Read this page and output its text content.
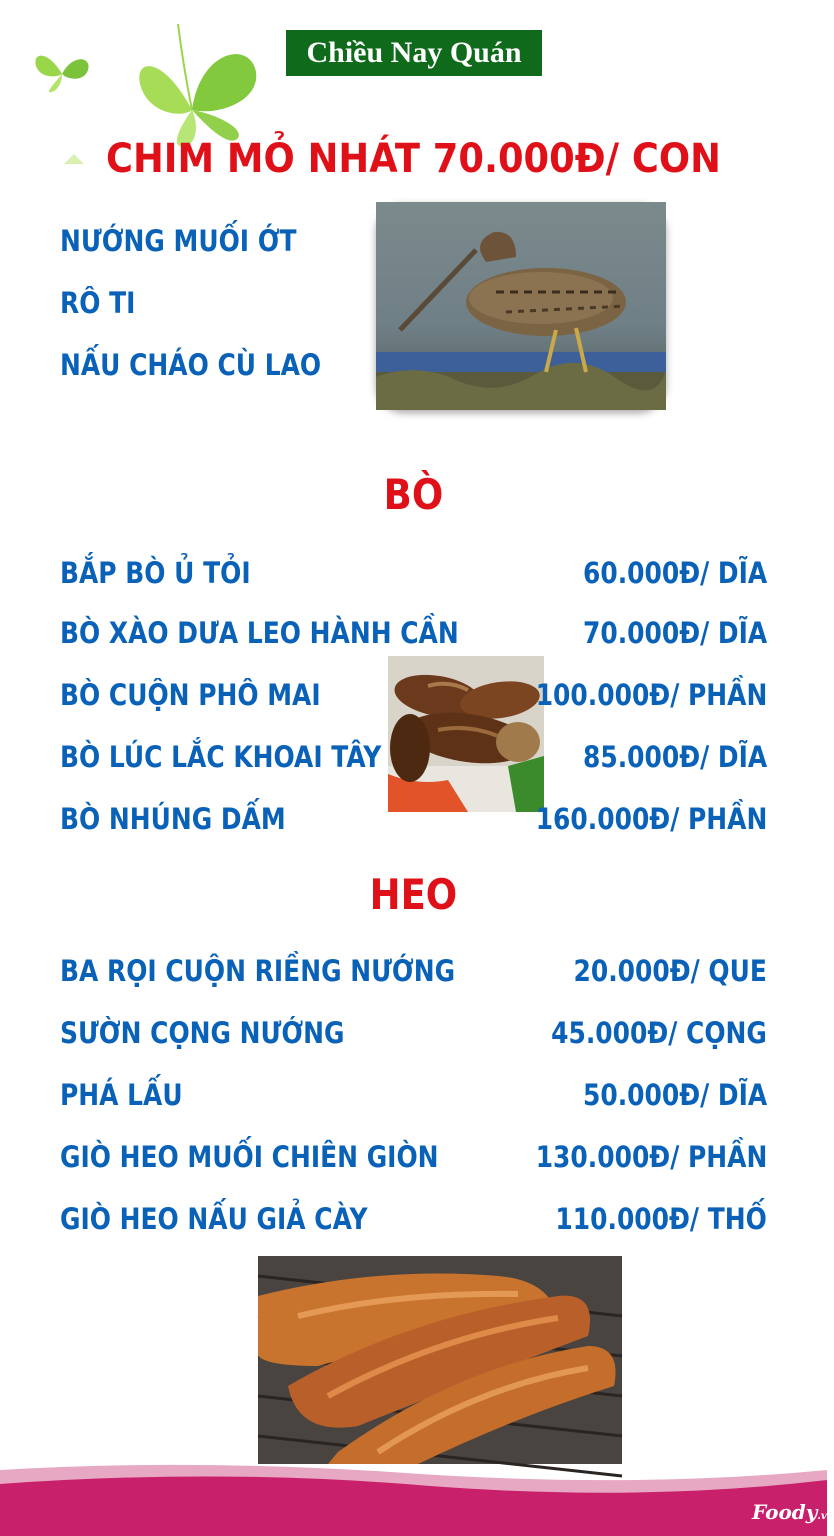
Chiều Nay Quán
CHIM MỎ NHÁT 70.000Đ/ CON
NƯỚNG MUỐI ỚT
RÔ TI
NẤU CHÁO CÙ LAO
BÒ
BẮP BÒ Ủ TỎI	60.000Đ/ DĨA
BÒ XÀO DƯA LEO HÀNH CẦN	70.000Đ/ DĨA
BÒ CUỘN PHÔ MAI	100.000Đ/ PHẦN
BÒ LÚC LẮC KHOAI TÂY	85.000Đ/ DĨA
BÒ NHÚNG DẤM	160.000Đ/ PHẦN
HEO
BA RỌI CUỘN RIỀNG NƯỚNG	20.000Đ/ QUE
SƯỜN CỌNG NƯỚNG	45.000Đ/ CỌNG
PHÁ LẤU	50.000Đ/ DĨA
GIÒ HEO MUỐI CHIÊN GIÒN	130.000Đ/ PHẦN
GIÒ HEO NẤU GIẢ CÀY	110.000Đ/ THỐ
Foody.vn
